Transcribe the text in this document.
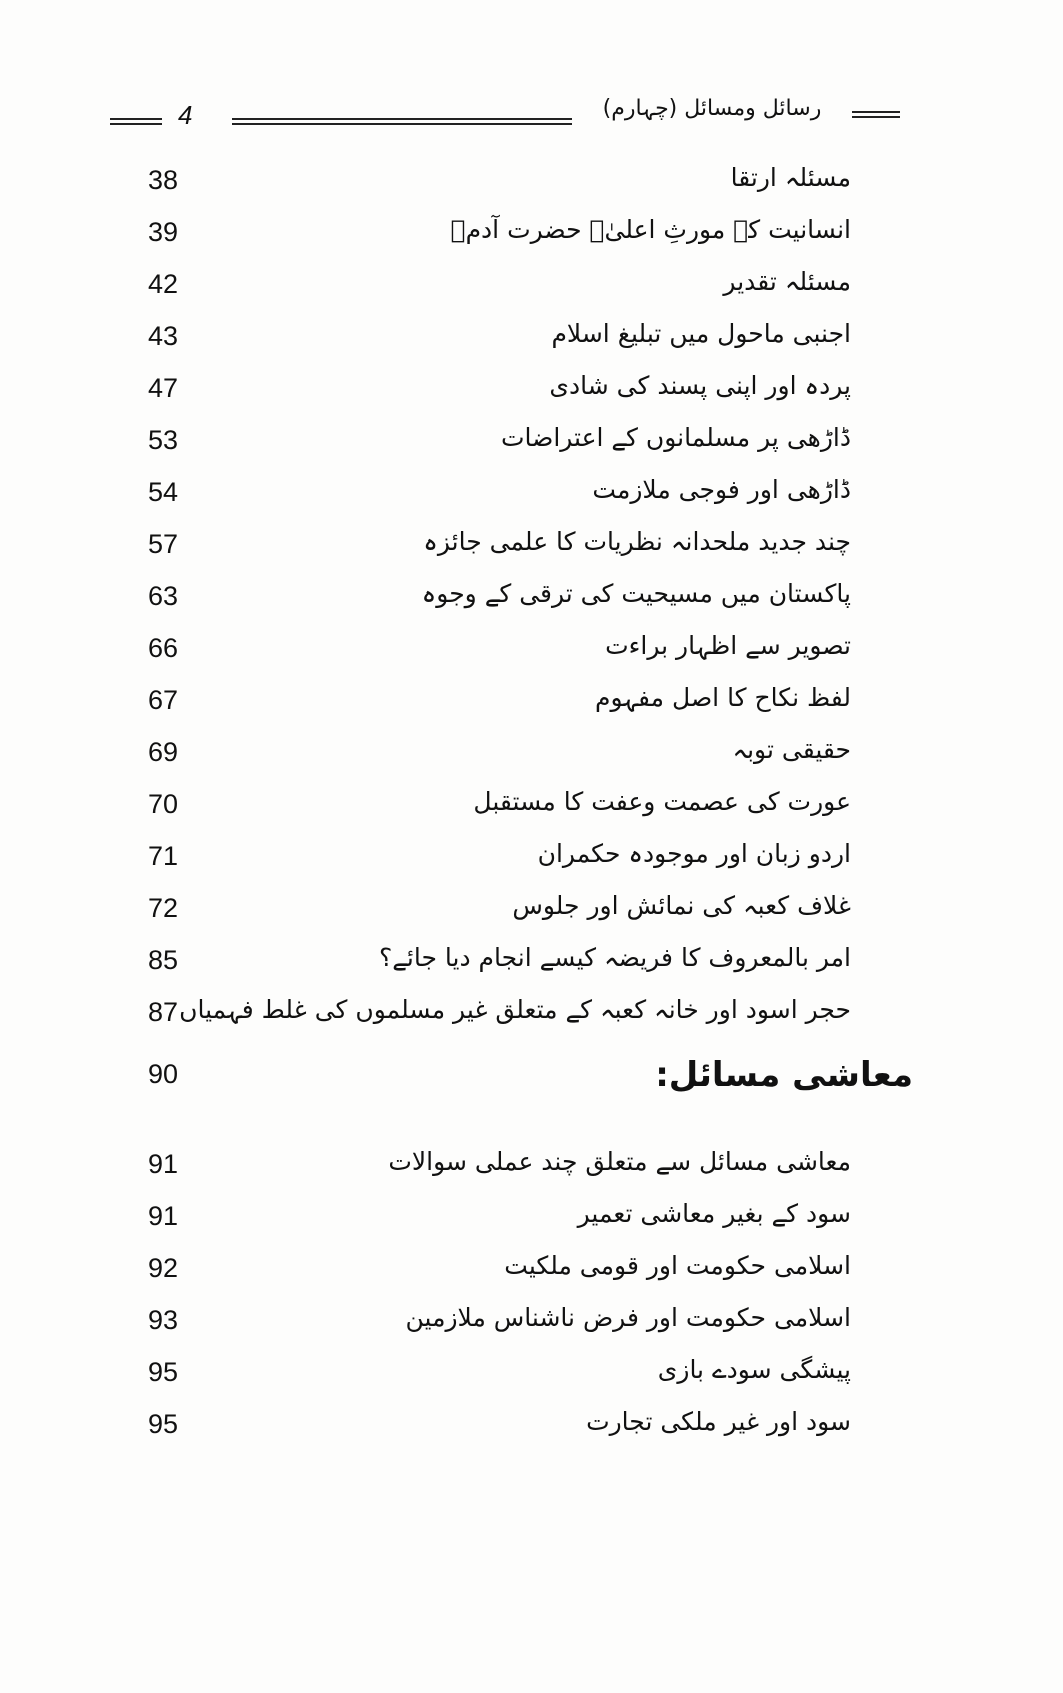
4	رسائل ومسائل (چہارم)
مسئلہ ارتقا
38
انسانیت کے مورثِ اعلیٰ۔ حضرت آدمؑ
39
مسئلہ تقدیر
42
اجنبی ماحول میں تبلیغ اسلام
43
پردہ اور اپنی پسند کی شادی
47
ڈاڑھی پر مسلمانوں کے اعتراضات
53
ڈاڑھی اور فوجی ملازمت
54
چند جدید ملحدانہ نظریات کا علمی جائزہ
57
پاکستان میں مسیحیت کی ترقی کے وجوہ
63
تصویر سے اظہار براءت
66
لفظ نکاح کا اصل مفہوم
67
حقیقی توبہ
69
عورت کی عصمت وعفت کا مستقبل
70
اردو زبان اور موجودہ حکمران
71
غلاف کعبہ کی نمائش اور جلوس
72
امر بالمعروف کا فریضہ کیسے انجام دیا جائے؟
85
حجر اسود اور خانہ کعبہ کے متعلق غیر مسلموں کی غلط فہمیاں
87
معاشی مسائل:
90
معاشی مسائل سے متعلق چند عملی سوالات
91
سود کے بغیر معاشی تعمیر
91
اسلامی حکومت اور قومی ملکیت
92
اسلامی حکومت اور فرض ناشناس ملازمین
93
پیشگی سودے بازی
95
سود اور غیر ملکی تجارت
95
